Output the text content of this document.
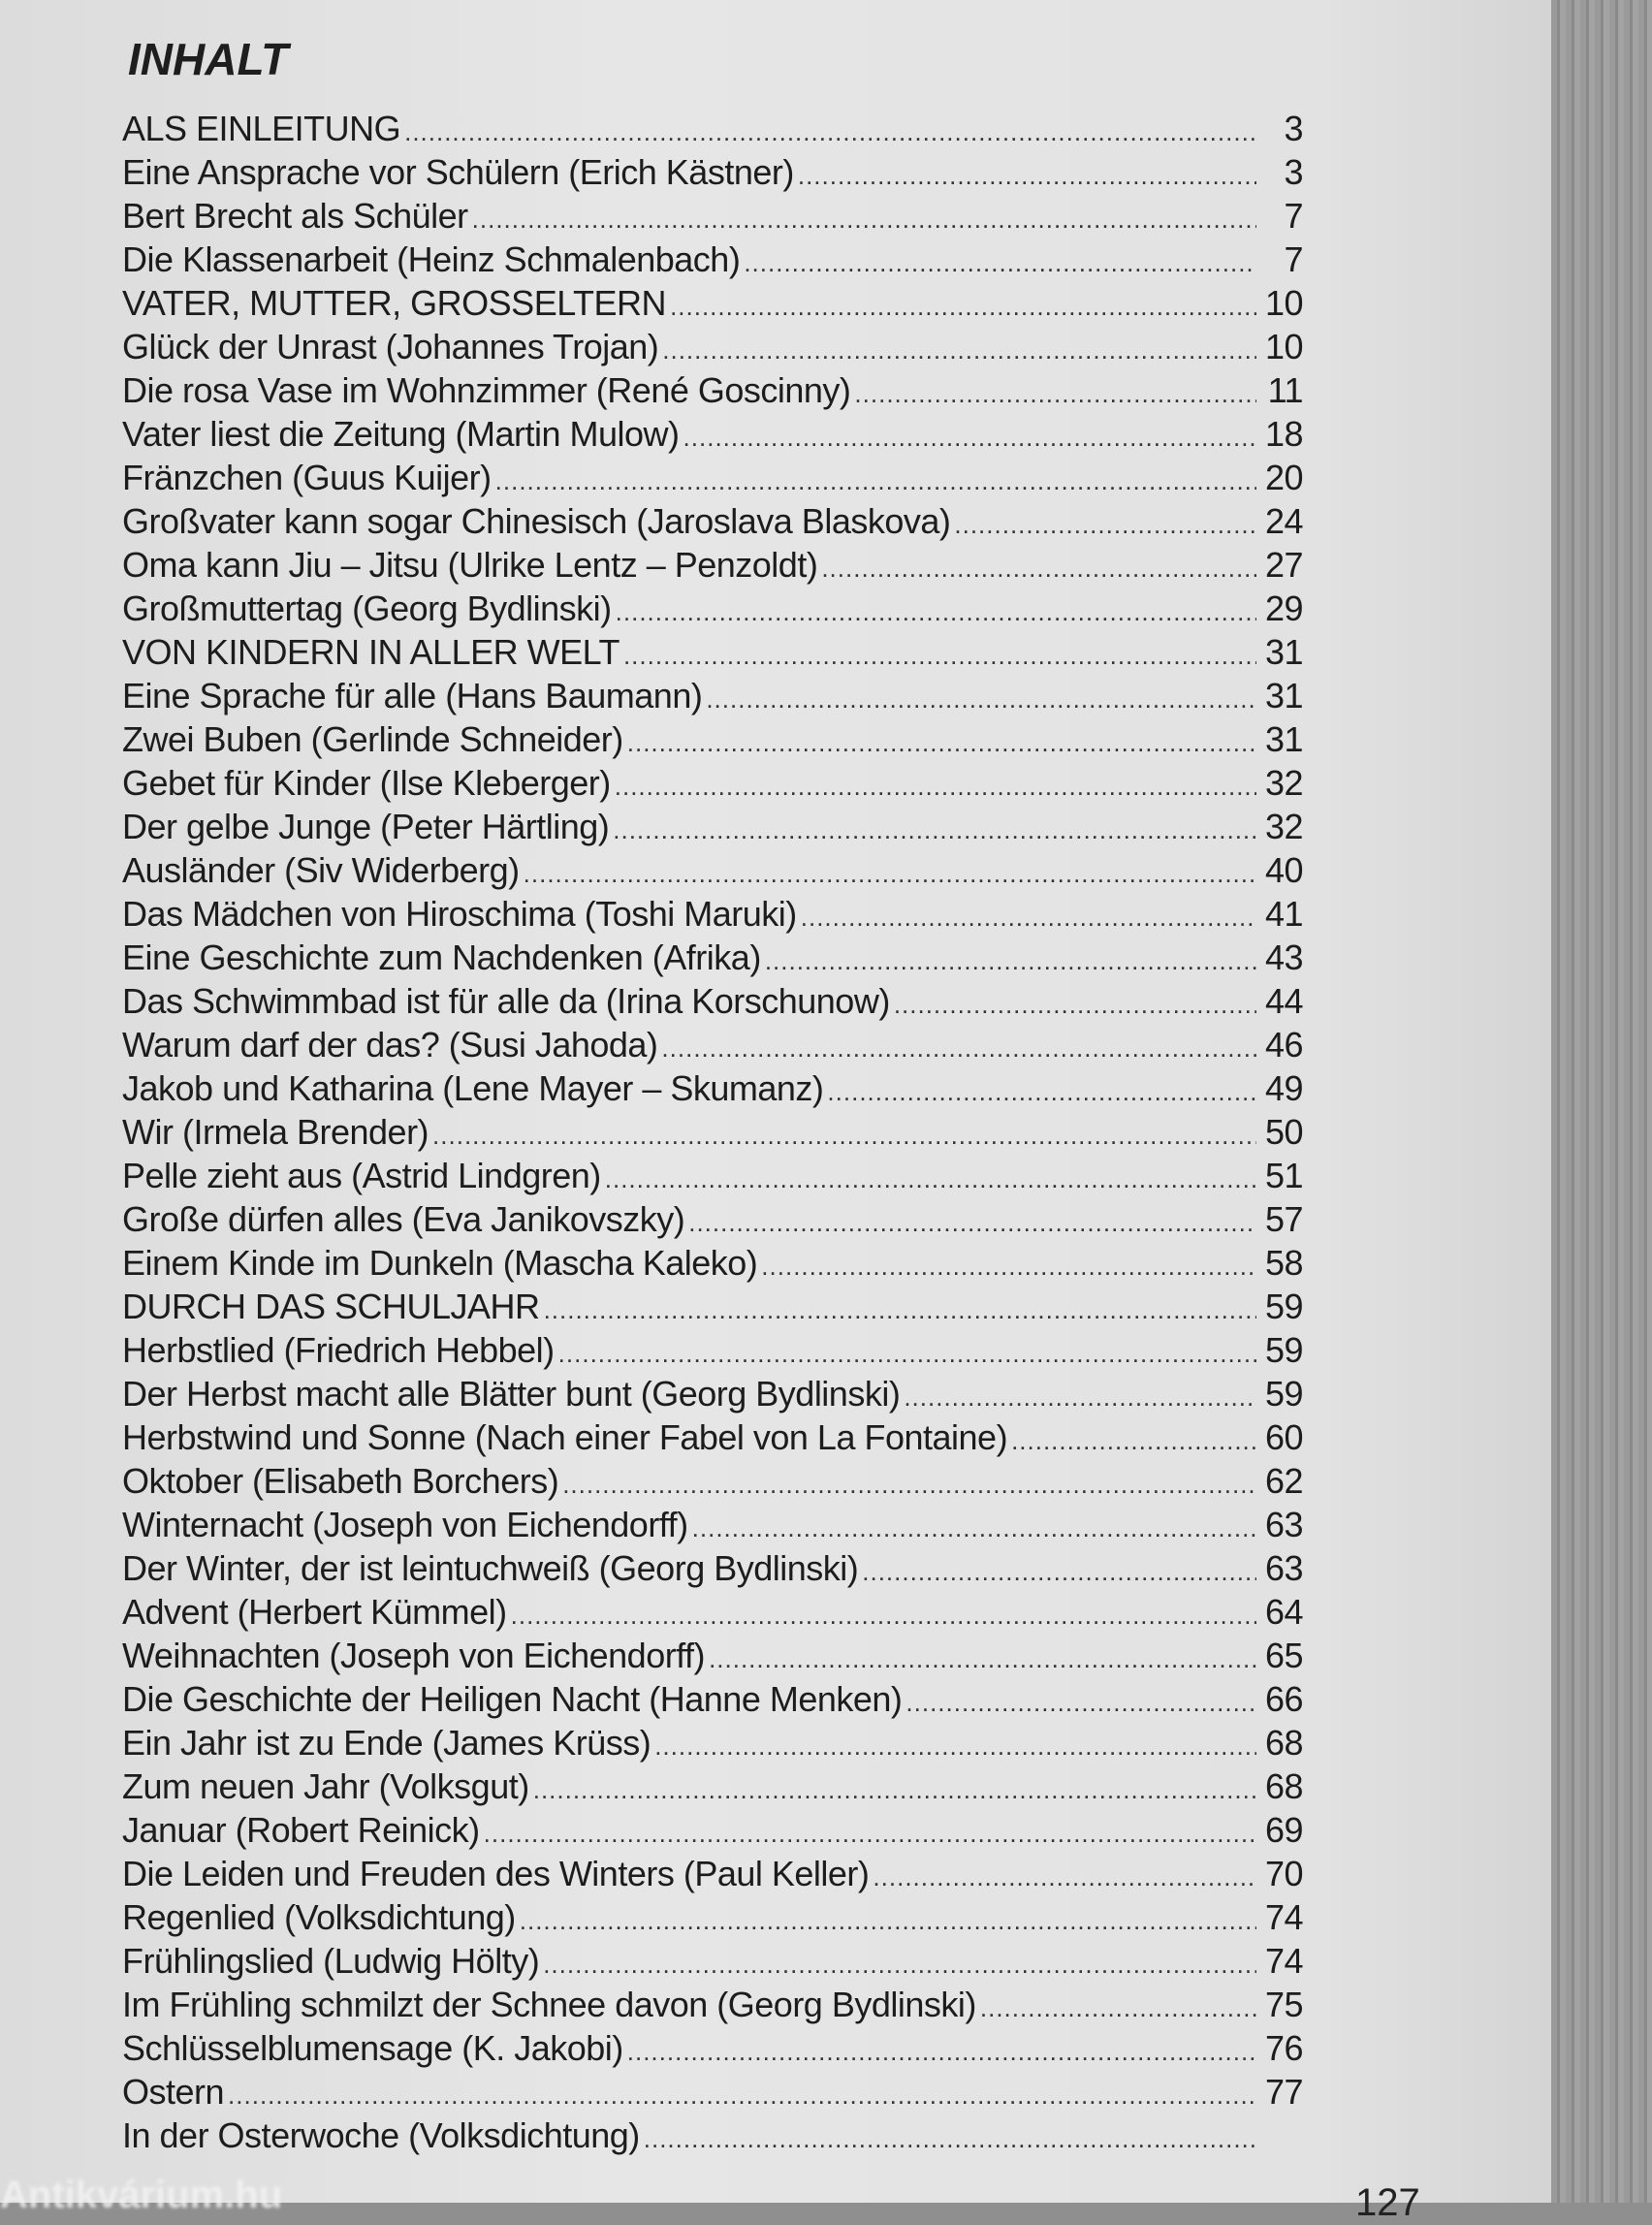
INHALT
ALS EINLEITUNG .....	3
Eine Ansprache vor Schülern (Erich Kästner) .....	3
Bert Brecht als Schüler .....	7
Die Klassenarbeit (Heinz Schmalenbach) .....	7
VATER, MUTTER, GROSSELTERN .....	10
Glück der Unrast (Johannes Trojan) .....	10
Die rosa Vase im Wohnzimmer (René Goscinny) .....	11
Vater liest die Zeitung (Martin Mulow) .....	18
Fränzchen (Guus Kuijer) .....	20
Großvater kann sogar Chinesisch (Jaroslava Blaskova) .....	24
Oma kann Jiu – Jitsu (Ulrike Lentz – Penzoldt) .....	27
Großmuttertag (Georg Bydlinski) .....	29
VON KINDERN IN ALLER WELT .....	31
Eine Sprache für alle (Hans Baumann) .....	31
Zwei Buben (Gerlinde Schneider) .....	31
Gebet für Kinder (Ilse Kleberger) .....	32
Der gelbe Junge (Peter Härtling) .....	32
Ausländer (Siv Widerberg) .....	40
Das Mädchen von Hiroschima (Toshi Maruki) .....	41
Eine Geschichte zum Nachdenken (Afrika) .....	43
Das Schwimmbad ist für alle da (Irina Korschunow) .....	44
Warum darf der das? (Susi Jahoda) .....	46
Jakob und Katharina (Lene Mayer – Skumanz) .....	49
Wir (Irmela Brender) .....	50
Pelle zieht aus (Astrid Lindgren) .....	51
Große dürfen alles (Eva Janikovszky) .....	57
Einem Kinde im Dunkeln (Mascha Kaleko) .....	58
DURCH DAS SCHULJAHR .....	59
Herbstlied (Friedrich Hebbel) .....	59
Der Herbst macht alle Blätter bunt (Georg Bydlinski) .....	59
Herbstwind und Sonne (Nach einer Fabel von La Fontaine) .....	60
Oktober (Elisabeth Borchers) .....	62
Winternacht (Joseph von Eichendorff) .....	63
Der Winter, der ist leintuchweiß (Georg Bydlinski) .....	63
Advent (Herbert Kümmel) .....	64
Weihnachten (Joseph von Eichendorff) .....	65
Die Geschichte der Heiligen Nacht (Hanne Menken) .....	66
Ein Jahr ist zu Ende (James Krüss) .....	68
Zum neuen Jahr (Volksgut) .....	68
Januar (Robert Reinick) .....	69
Die Leiden und Freuden des Winters (Paul Keller) .....	70
Regenlied (Volksdichtung) .....	74
Frühlingslied (Ludwig Hölty) .....	74
Im Frühling schmilzt der Schnee davon (Georg Bydlinski) .....	75
Schlüsselblumensage (K. Jakobi) .....	76
Ostern .....	77
In der Osterwoche (Volksdichtung)
.....
127
Antikvárium.hu
